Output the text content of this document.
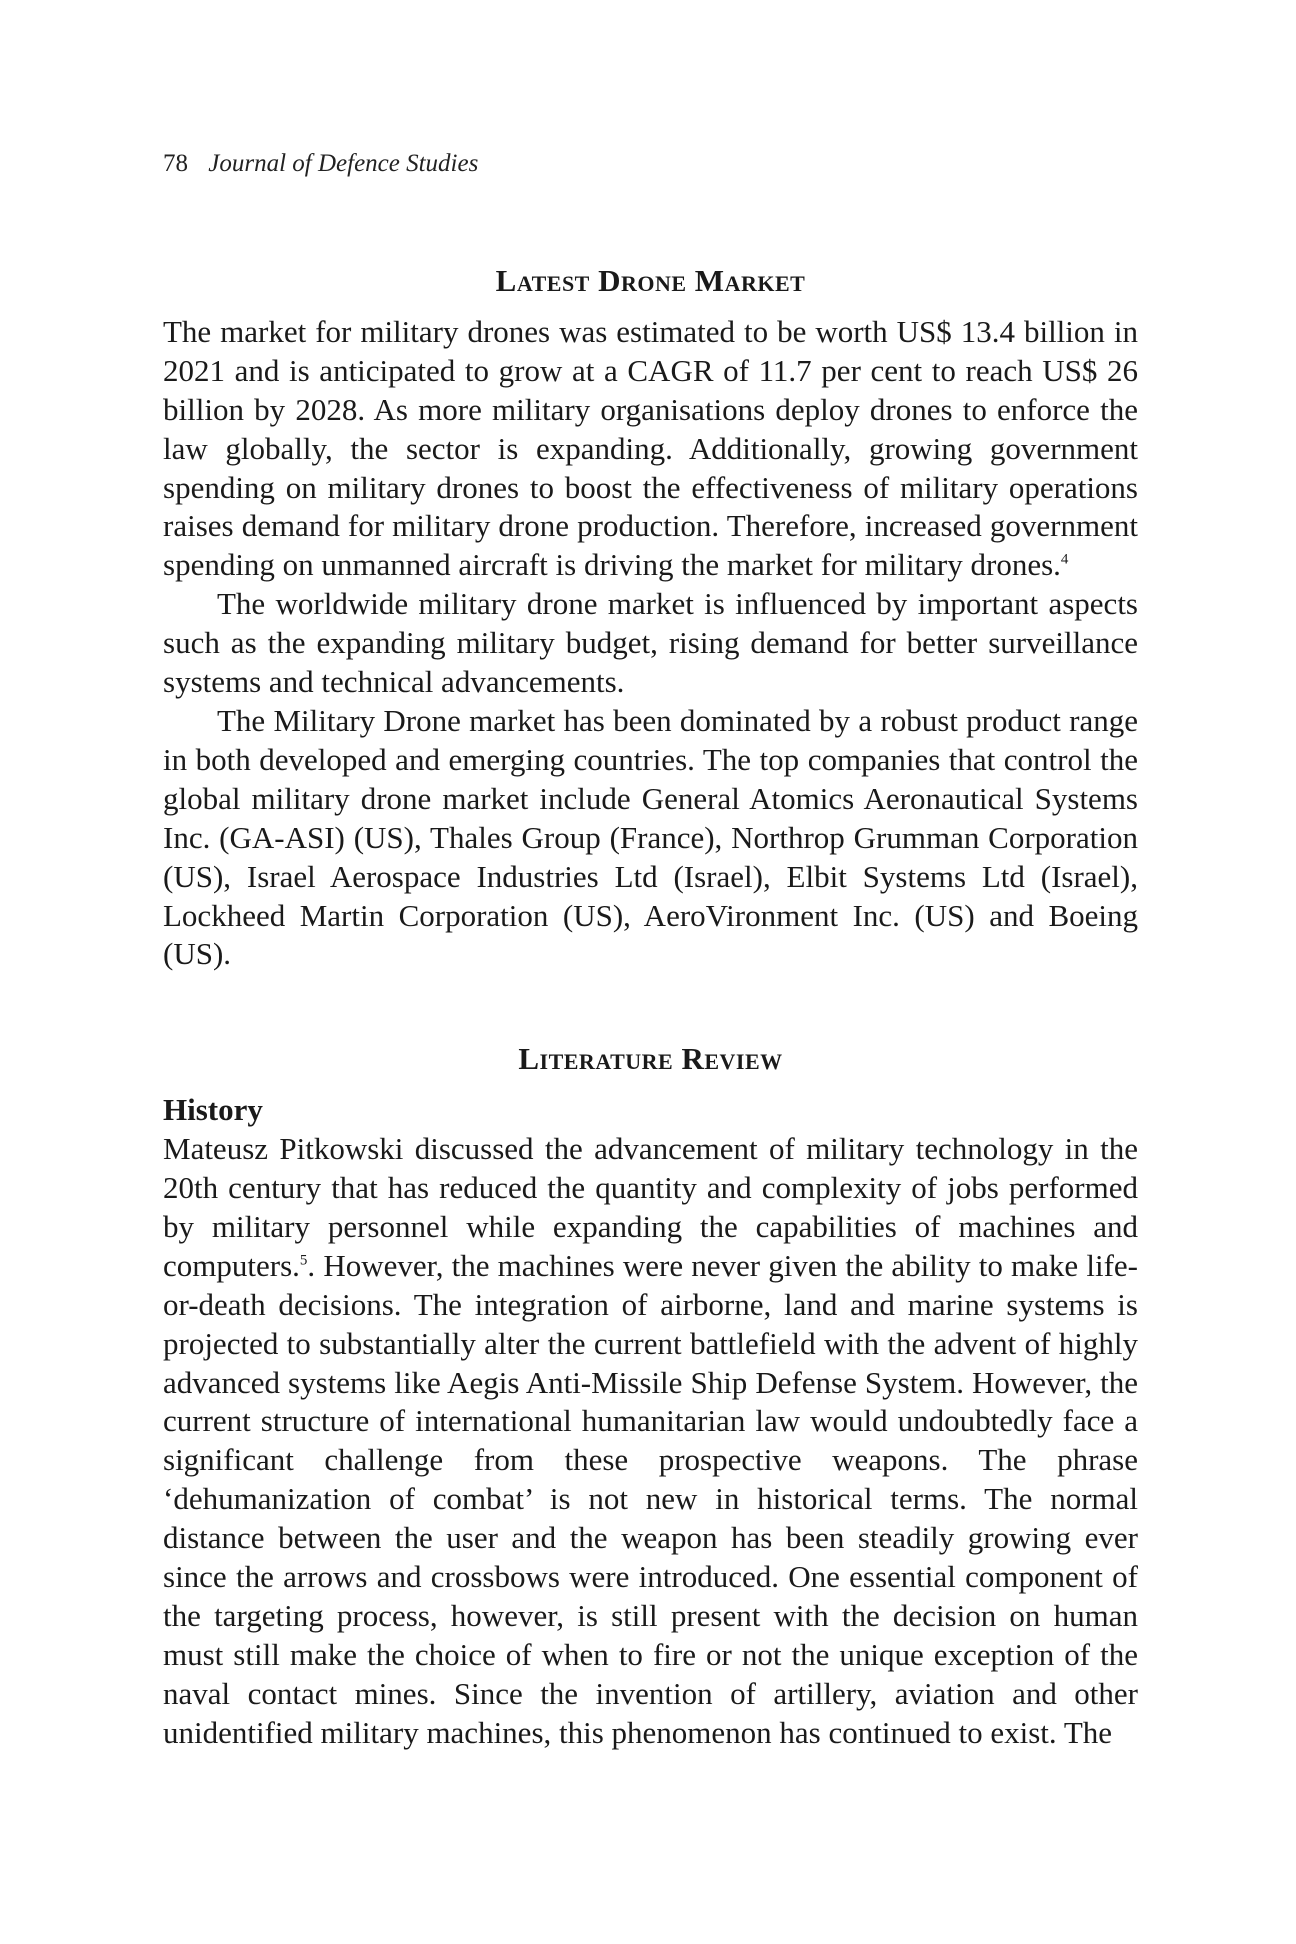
78 Journal of Defence Studies
Latest Drone Market

The market for military drones was estimated to be worth US$ 13.4 billion in 2021 and is anticipated to grow at a CAGR of 11.7 per cent to reach US$ 26 billion by 2028. As more military organisations deploy drones to enforce the law globally, the sector is expanding. Additionally, growing government spending on military drones to boost the effectiveness of military operations raises demand for military drone production. Therefore, increased government spending on unmanned aircraft is driving the market for military drones.$^4$

The worldwide military drone market is influenced by important aspects such as the expanding military budget, rising demand for better surveillance systems and technical advancements.

The Military Drone market has been dominated by a robust product range in both developed and emerging countries. The top companies that control the global military drone market include General Atomics Aeronautical Systems Inc. (GA-ASI) (US), Thales Group (France), Northrop Grumman Corporation (US), Israel Aerospace Industries Ltd (Israel), Elbit Systems Ltd (Israel), Lockheed Martin Corporation (US), AeroVironment Inc. (US) and Boeing (US).

Literature Review

History

Mateusz Pitkowski discussed the advancement of military technology in the 20th century that has reduced the quantity and complexity of jobs performed by military personnel while expanding the capabilities of machines and computers.$^5$. However, the machines were never given the ability to make life-or-death decisions. The integration of airborne, land and marine systems is projected to substantially alter the current battlefield with the advent of highly advanced systems like Aegis Anti-Missile Ship Defense System. However, the current structure of international humanitarian law would undoubtedly face a significant challenge from these prospective weapons. The phrase ‘dehumanization of combat’ is not new in historical terms. The normal distance between the user and the weapon has been steadily growing ever since the arrows and crossbows were introduced. One essential component of the targeting process, however, is still present with the decision on human must still make the choice of when to fire or not the unique exception of the naval contact mines. Since the invention of artillery, aviation and other unidentified military machines, this phenomenon has continued to exist. The
